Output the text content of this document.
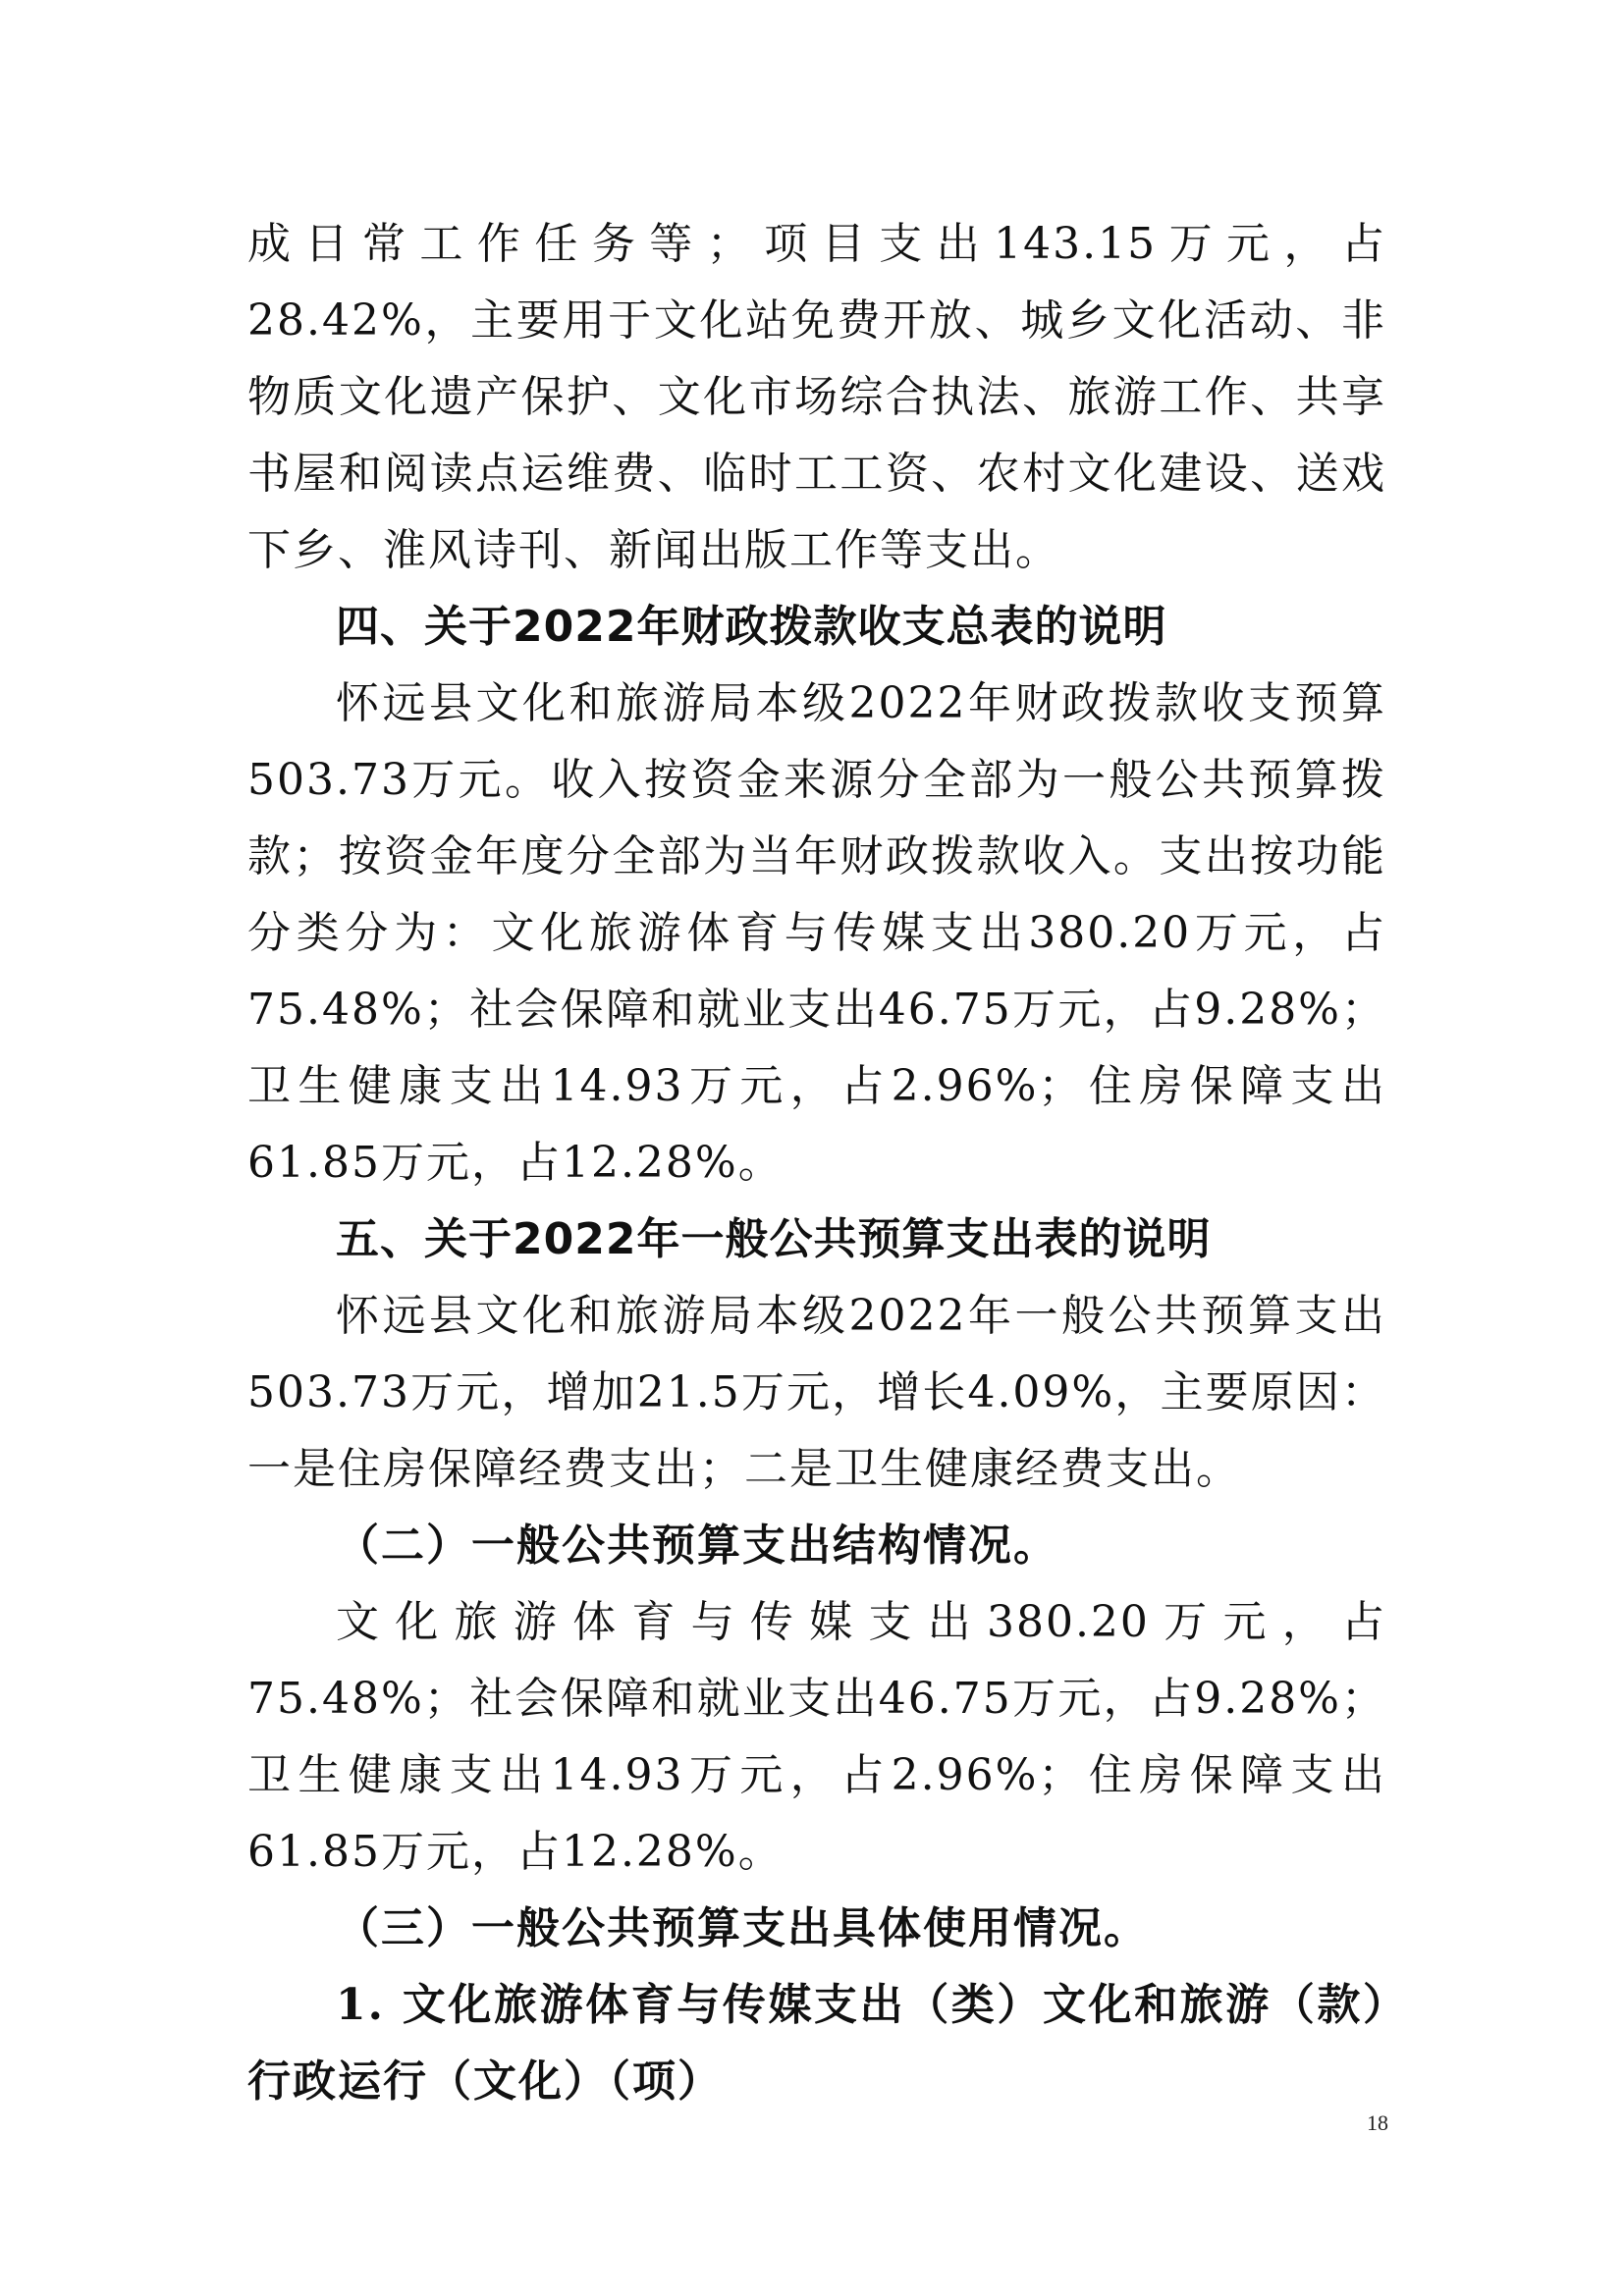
成日常工作任务等；项目支出143.15万元，占28.42%，主要用于文化站免费开放、城乡文化活动、非物质文化遗产保护、文化市场综合执法、旅游工作、共享书屋和阅读点运维费、临时工工资、农村文化建设、送戏下乡、淮风诗刊、新闻出版工作等支出。

四、关于2022年财政拨款收支总表的说明

怀远县文化和旅游局本级2022年财政拨款收支预算503.73万元。收入按资金来源分全部为一般公共预算拨款；按资金年度分全部为当年财政拨款收入。支出按功能分类分为：文化旅游体育与传媒支出380.20万元，占75.48%；社会保障和就业支出46.75万元，占9.28%；卫生健康支出14.93万元，占2.96%；住房保障支出61.85万元，占12.28%。

五、关于2022年一般公共预算支出表的说明

怀远县文化和旅游局本级2022年一般公共预算支出503.73万元，增加21.5万元，增长4.09%，主要原因：一是住房保障经费支出；二是卫生健康经费支出。

（二）一般公共预算支出结构情况。

文化旅游体育与传媒支出380.20万元，占75.48%；社会保障和就业支出46.75万元，占9.28%；卫生健康支出14.93万元，占2.96%；住房保障支出61.85万元，占12.28%。

（三）一般公共预算支出具体使用情况。

1. 文化旅游体育与传媒支出（类）文化和旅游（款）行政运行（文化）（项）

18
